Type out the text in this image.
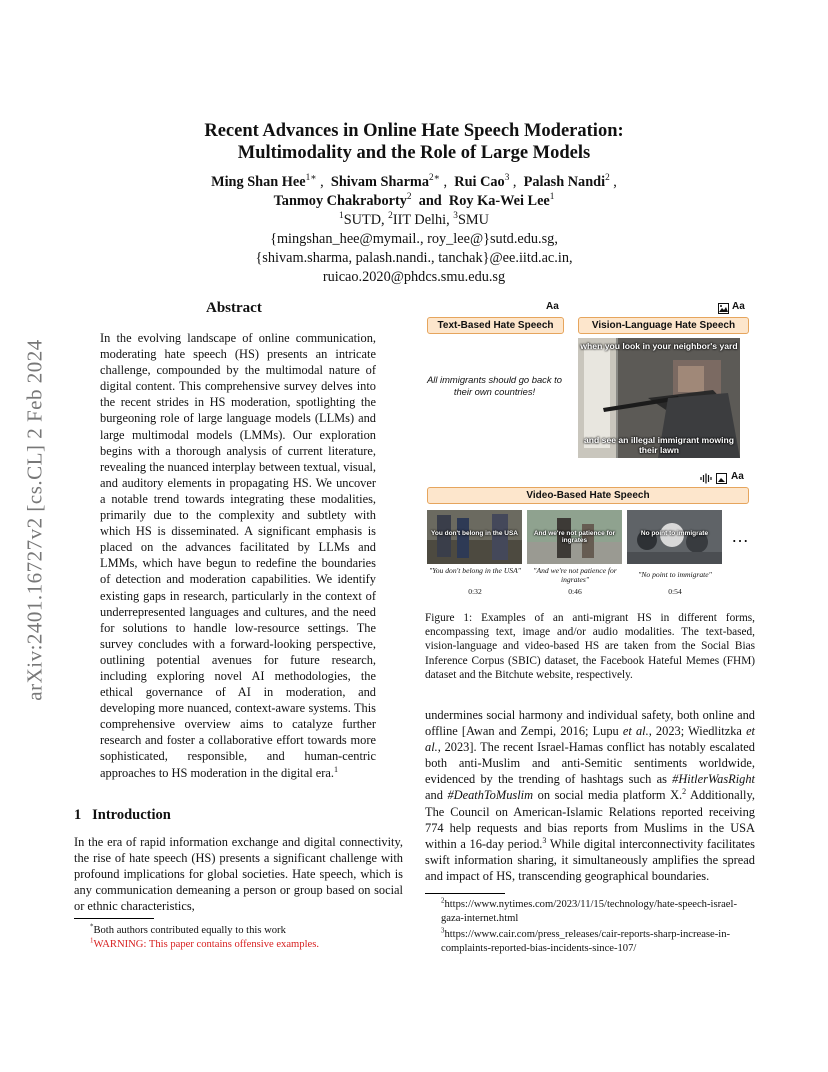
arXiv:2401.16727v2 [cs.CL] 2 Feb 2024
Recent Advances in Online Hate Speech Moderation:
Multimodality and the Role of Large Models
Ming Shan Hee$^{1∗}$ ,  Shivam Sharma$^{2∗}$ ,  Rui Cao$^3$ ,  Palash Nandi$^2$ ,
Tanmoy Chakraborty$^2$ and Roy Ka-Wei Lee$^1$
$^1$SUTD, $^2$IIT Delhi, $^3$SMU
{mingshan_hee@mymail., roy_lee@}sutd.edu.sg,
{shivam.sharma, palash.nandi., tanchak}@ee.iitd.ac.in,
ruicao.2020@phdcs.smu.edu.sg
Abstract

In the evolving landscape of online communication, moderating hate speech (HS) presents an intricate challenge, compounded by the multimodal nature of digital content. This comprehensive survey delves into the recent strides in HS moderation, spotlighting the burgeoning role of large language models (LLMs) and large multimodal models (LMMs). Our exploration begins with a thorough analysis of current literature, revealing the nuanced interplay between textual, visual, and auditory elements in propagating HS. We uncover a notable trend towards integrating these modalities, primarily due to the complexity and subtlety with which HS is disseminated. A significant emphasis is placed on the advances facilitated by LLMs and LMMs, which have begun to redefine the boundaries of detection and moderation capabilities. We identify existing gaps in research, particularly in the context of underrepresented languages and cultures, and the need for solutions to handle low-resource settings. The survey concludes with a forward-looking perspective, outlining potential avenues for future research, including exploring novel AI methodologies, the ethical governance of AI in moderation, and developing more nuanced, context-aware systems. This comprehensive overview aims to catalyze further research and foster a collaborative effort towards more sophisticated, responsible, and human-centric approaches to HS moderation in the digital era.$^1$

1 Introduction

In the era of rapid information exchange and digital connectivity, the rise of hate speech (HS) presents a significant challenge with profound implications for global societies. Hate speech, which is any communication demeaning a person or group based on social or ethnic characteristics,

*Both authors contributed equally to this work
$^1$WARNING: This paper contains offensive examples.
Aa
Text-Based Hate Speech
All immigrants should go back to their own countries!
Aa
Vision-Language Hate Speech
Aa
Video-Based Hate Speech
when you look in your neighbor's yard
and see an illegal immigrant mowing their lawn
You don't belong in the USA	And we're not patience for ingrates
No point to immigrate	…
"You don't belong in the USA"
0:32
"And we're not patience for ingrates"
0:46
"No point to immigrate"
0:54
Figure 1: Examples of an anti-migrant HS in different forms, encompassing text, image and/or audio modalities. The text-based, vision-language and video-based HS are taken from the Social Bias Inference Corpus (SBIC) dataset, the Facebook Hateful Memes (FHM) dataset and the Bitchute website, respectively.

undermines social harmony and individual safety, both online and offline [Awan and Zempi, 2016; Lupu et al., 2023; Wiedlitzka et al., 2023]. The recent Israel-Hamas conflict has notably escalated both anti-Muslim and anti-Semitic sentiments worldwide, evidenced by the trending of hashtags such as #HitlerWasRight and #DeathToMuslim on social media platform X.$^2$ Additionally, The Council on American-Islamic Relations reported receiving 774 help requests and bias reports from Muslims in the USA within a 16-day period.$^3$ While digital interconnectivity facilitates swift information sharing, it simultaneously amplifies the spread and impact of HS, transcending geographical boundaries.

$^2$https://www.nytimes.com/2023/11/15/technology/hate-speech-israel-gaza-internet.html
$^3$https://www.cair.com/press_releases/cair-reports-sharp-increase-in-complaints-reported-bias-incidents-since-107/
